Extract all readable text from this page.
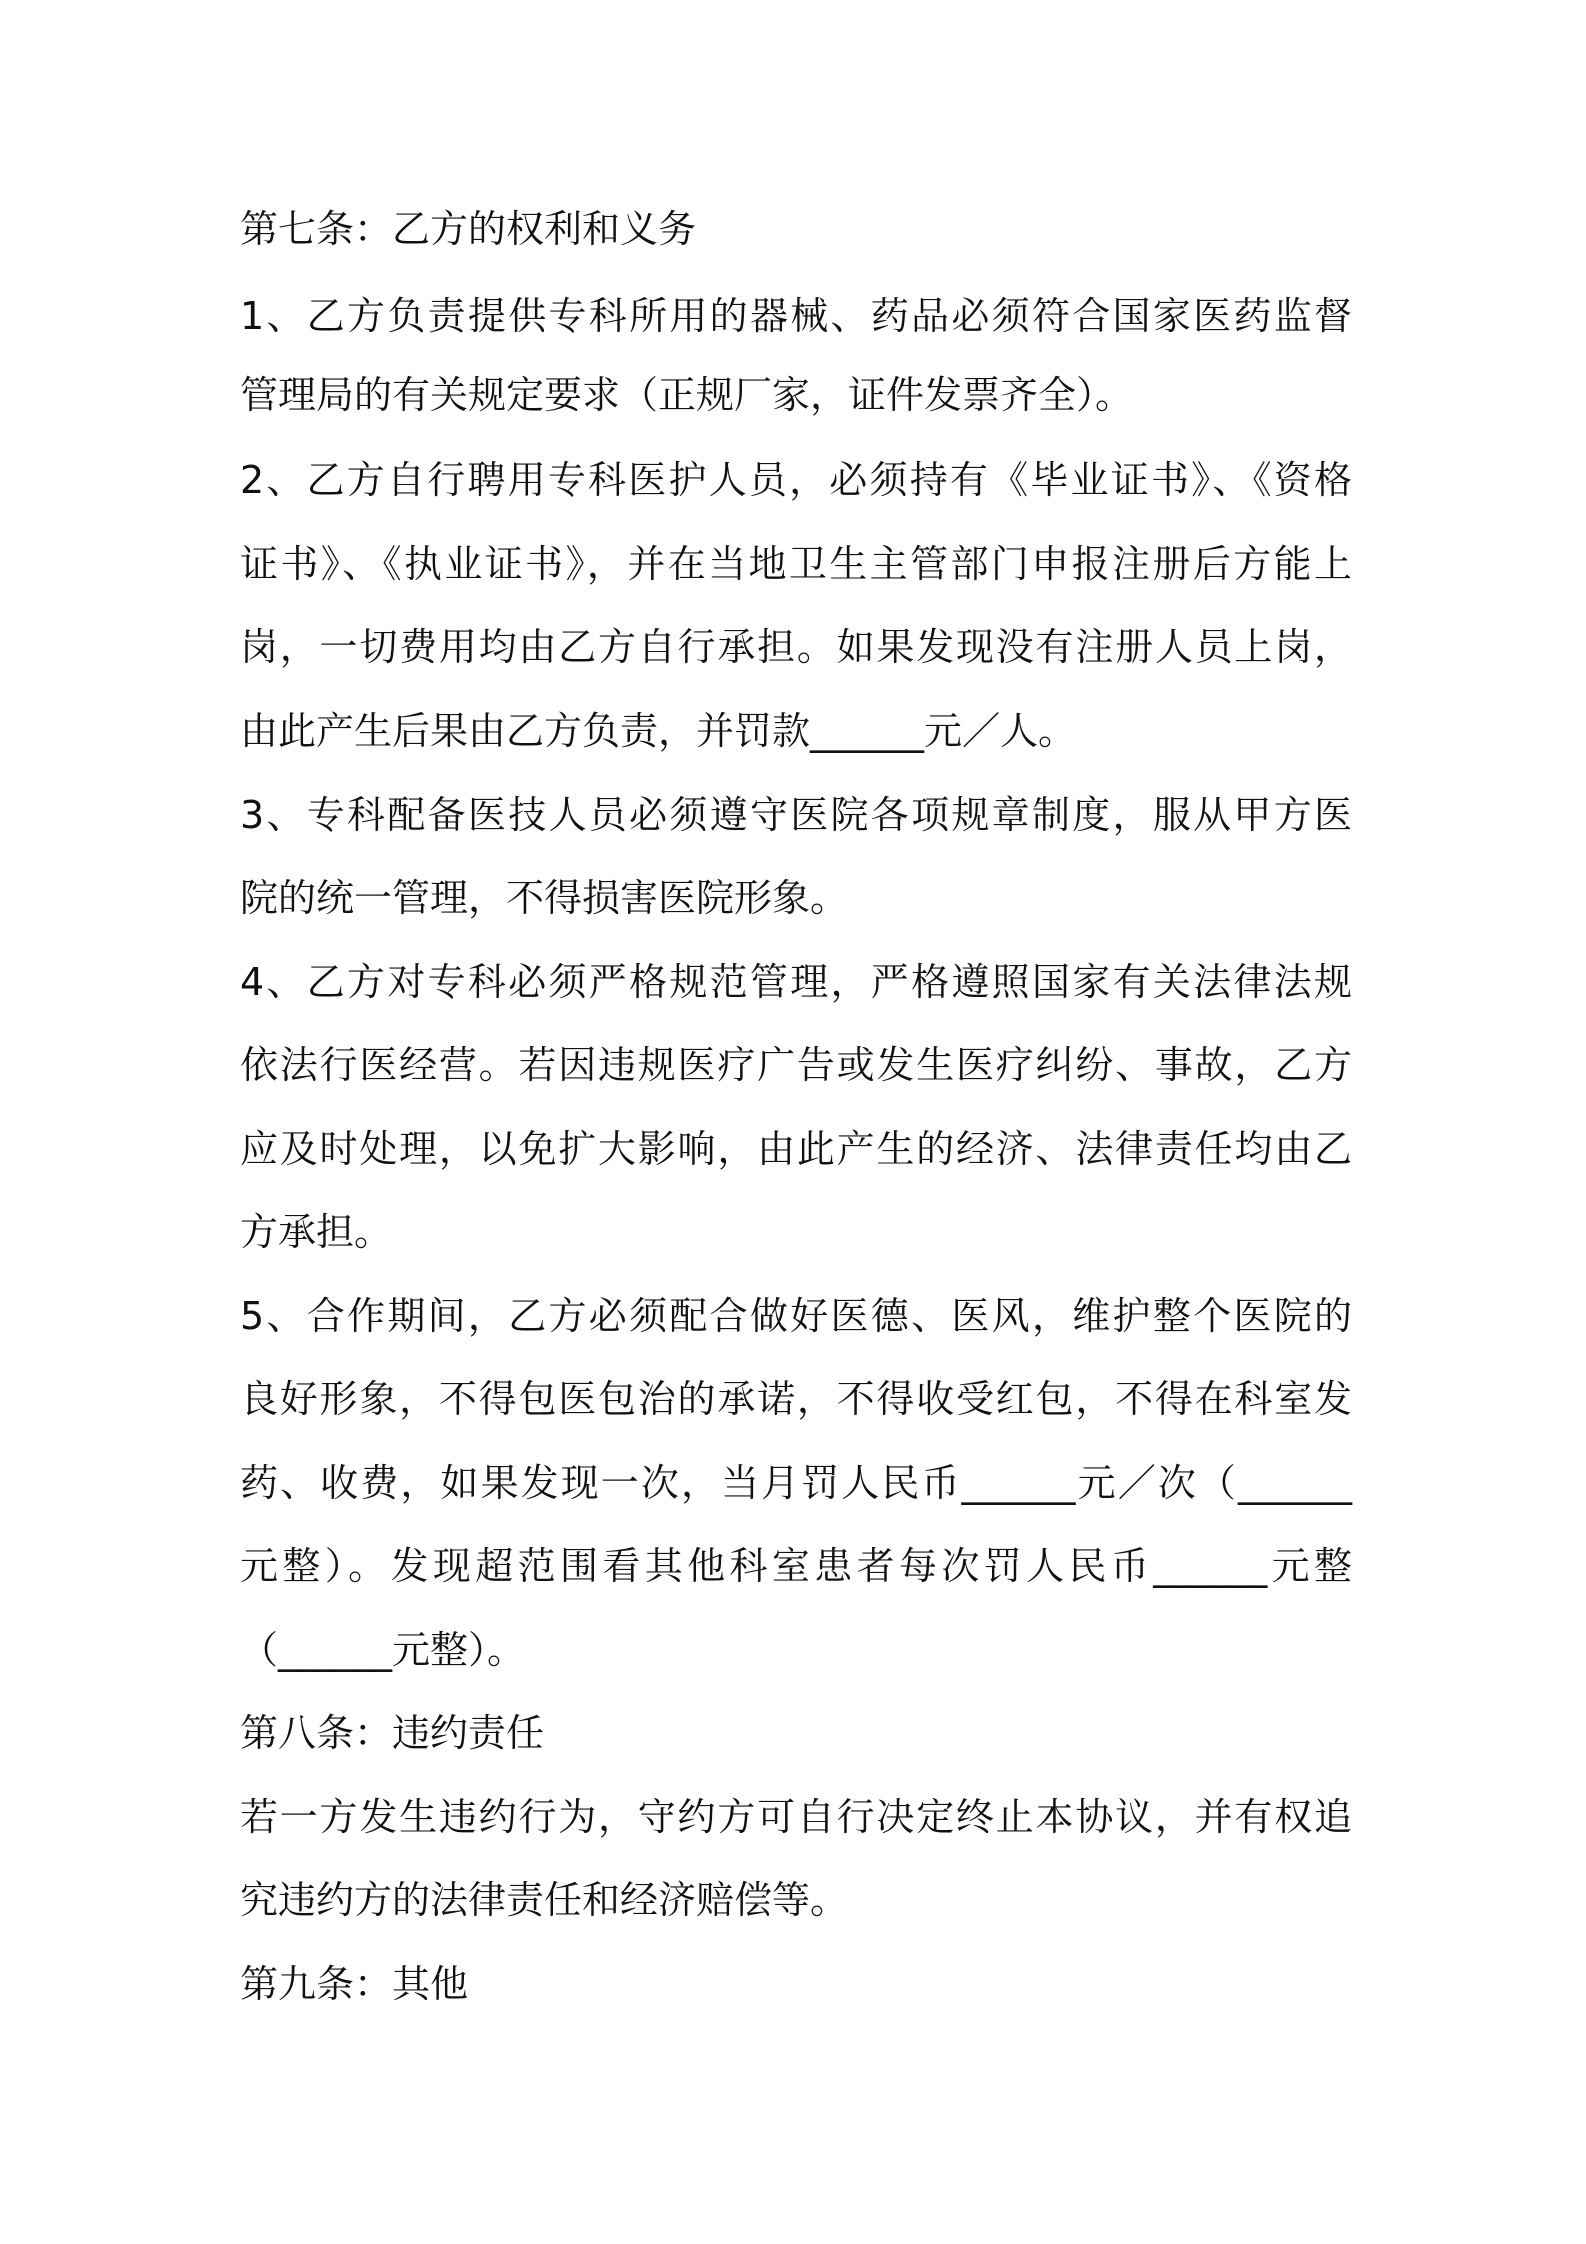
第七条：乙方的权利和义务

1、乙方负责提供专科所用的器械、药品必须符合国家医药监督

管理局的有关规定要求（正规厂家，证件发票齐全）。

2、乙方自行聘用专科医护人员，必须持有《毕业证书》、《资格

证书》、《执业证书》，并在当地卫生主管部门申报注册后方能上

岗，一切费用均由乙方自行承担。如果发现没有注册人员上岗，

由此产生后果由乙方负责，并罚款______元／人。

3、专科配备医技人员必须遵守医院各项规章制度，服从甲方医

院的统一管理，不得损害医院形象。

4、乙方对专科必须严格规范管理，严格遵照国家有关法律法规

依法行医经营。若因违规医疗广告或发生医疗纠纷、事故，乙方

应及时处理，以免扩大影响，由此产生的经济、法律责任均由乙

方承担。

5、合作期间，乙方必须配合做好医德、医风，维护整个医院的

良好形象，不得包医包治的承诺，不得收受红包，不得在科室发

药、收费，如果发现一次，当月罚人民币______元／次（______

元整）。发现超范围看其他科室患者每次罚人民币______元整

（______元整）。

第八条：违约责任

若一方发生违约行为，守约方可自行决定终止本协议，并有权追

究违约方的法律责任和经济赔偿等。

第九条：其他
